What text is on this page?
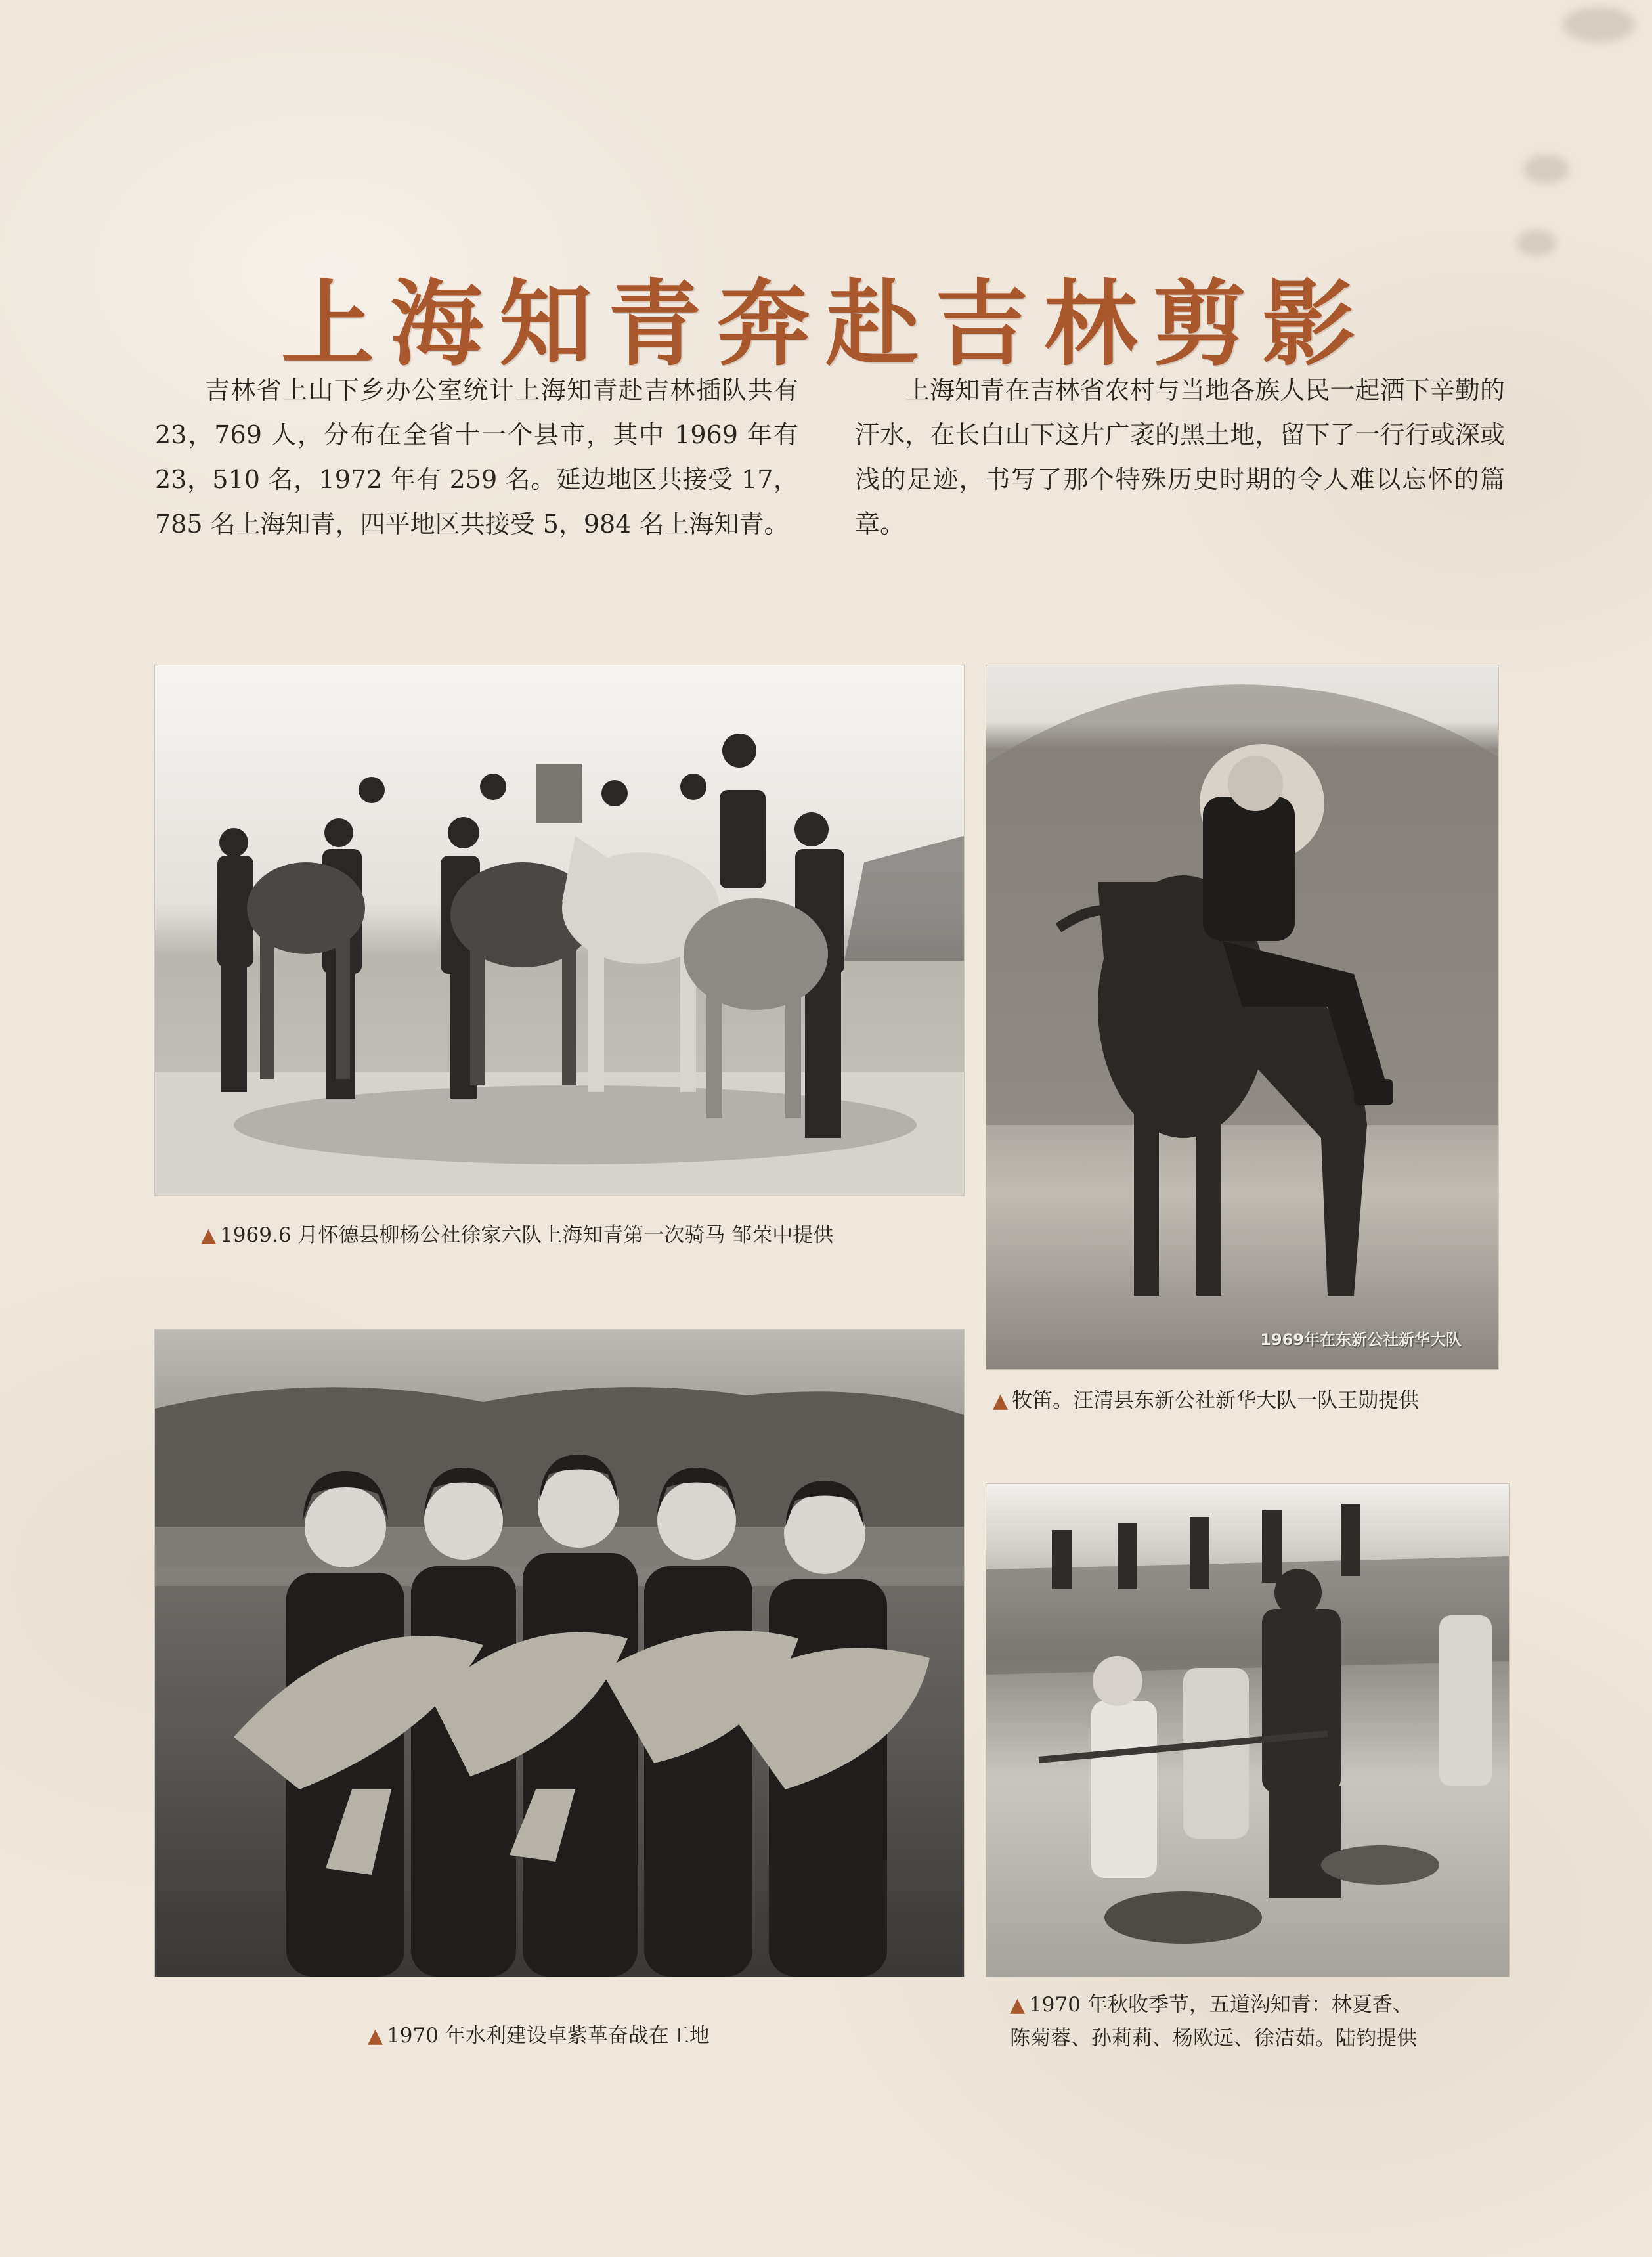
上海知青奔赴吉林剪影

吉林省上山下乡办公室统计上海知青赴吉林插队共有 23，769 人，分布在全省十一个县市，其中 1969 年有 23，510 名，1972 年有 259 名。延边地区共接受 17，785 名上海知青，四平地区共接受 5，984 名上海知青。

上海知青在吉林省农村与当地各族人民一起洒下辛勤的汗水，在长白山下这片广袤的黑土地，留下了一行行或深或浅的足迹，书写了那个特殊历史时期的令人难以忘怀的篇章。

▲ 1969.6 月怀德县柳杨公社徐家六队上海知青第一次骑马 邹荣中提供
1969年在东新公社新华大队
▲ 牧笛。汪清县东新公社新华大队一队王勋提供
▲ 1970 年水利建设卓紫革奋战在工地
▲ 1970 年秋收季节，五道沟知青：林夏香、
陈菊蓉、孙莉莉、杨欧远、徐洁茹。陆钧提供
